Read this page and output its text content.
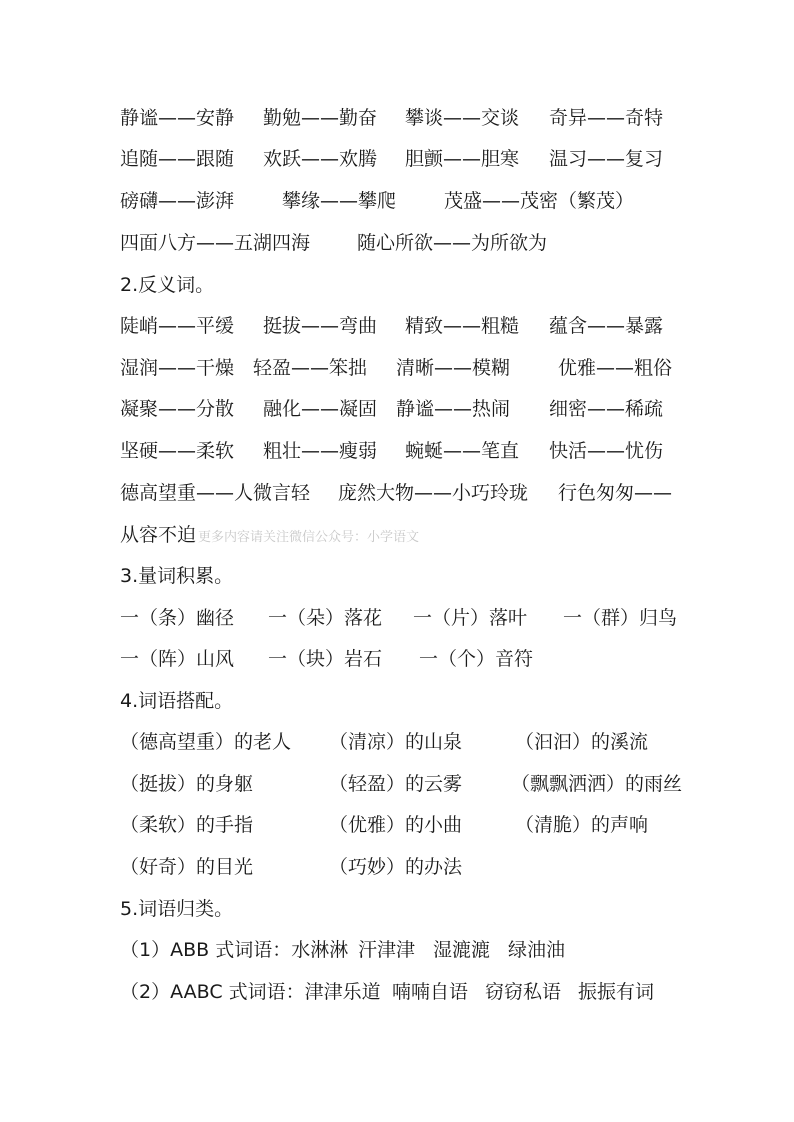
静谧——安静 勤勉——勤奋 攀谈——交谈 奇异——奇特
追随——跟随 欢跃——欢腾 胆颤——胆寒 温习——复习
磅礴——澎湃	攀缘——攀爬	茂盛——茂密（繁茂）
四面八方——五湖四海 随心所欲——为所欲为
2.反义词。
陡峭——平缓 挺拔——弯曲 精致——粗糙 蕴含——暴露
湿润——干燥 轻盈——笨拙 清晰——模糊	优雅——粗俗
凝聚——分散 融化——凝固 静谧——热闹 细密——稀疏
坚硬——柔软 粗壮——瘦弱 蜿蜒——笔直 快活——忧伤
德高望重——人微言轻 庞然大物——小巧玲珑 行色匆匆——
从容不迫 更多内容请关注微信公众号：小学语文
3.量词积累。
一（条）幽径 一（朵）落花 一（片）落叶 一（群）归鸟
一（阵）山风 一（块）岩石 一（个）音符
4.词语搭配。
（德高望重）的老人 （清凉）的山泉	（汩汩）的溪流
（挺拔）的身躯	（轻盈）的云雾	（飘飘洒洒）的雨丝
（柔软）的手指	（优雅）的小曲	（清脆）的声响
（好奇）的目光	（巧妙）的办法
5.词语归类。
（1）ABB 式词语：水淋淋 汗津津 湿漉漉 绿油油
（2）AABC 式词语：津津乐道 喃喃自语 窃窃私语 振振有词
